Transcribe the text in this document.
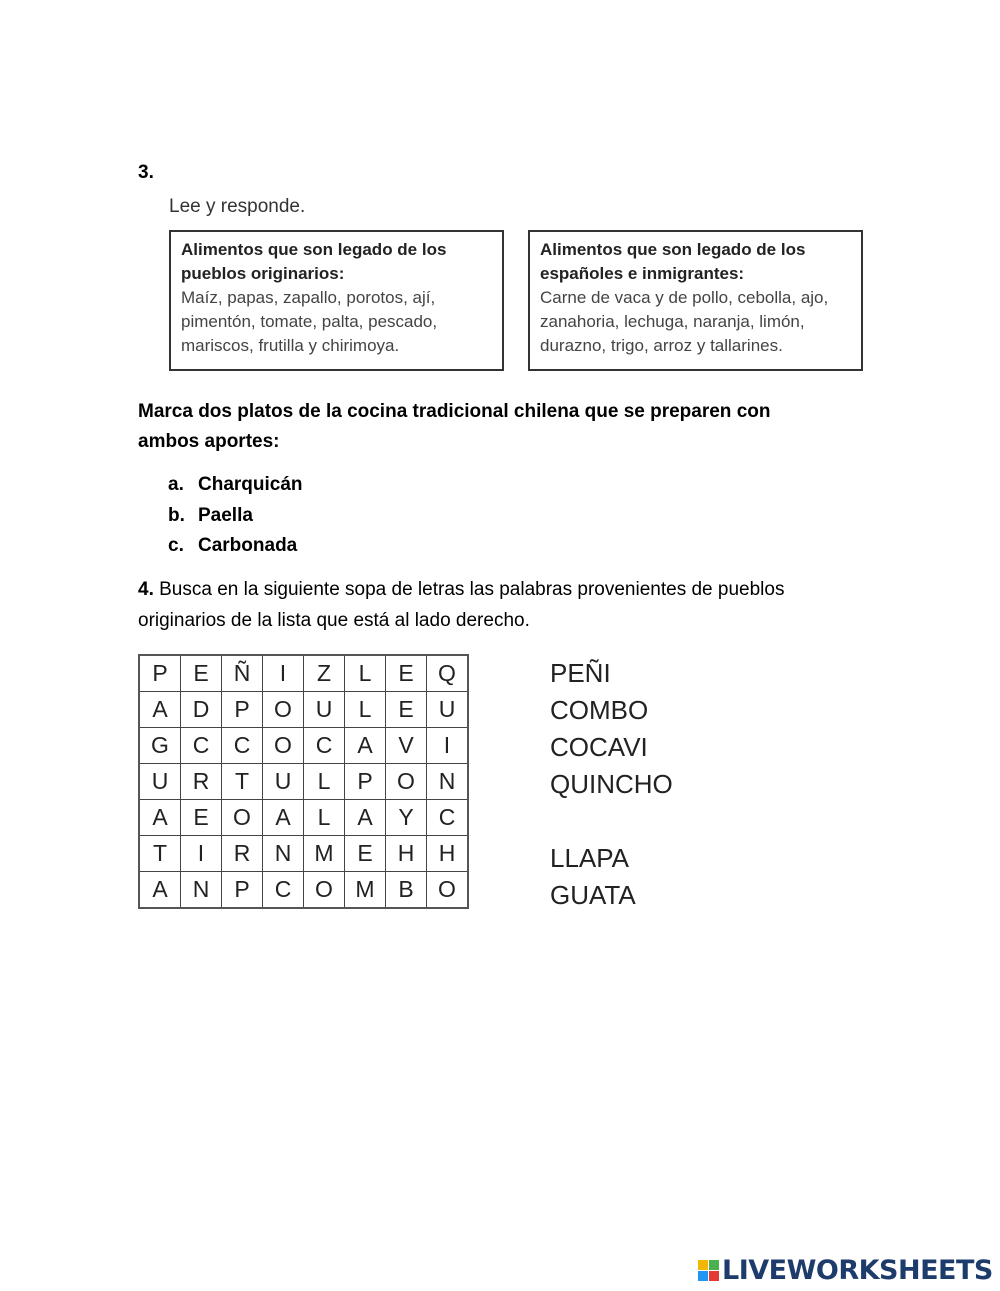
3.
Lee y responde.
Alimentos que son legado de los
pueblos originarios:
Maíz, papas, zapallo, porotos, ají,
pimentón, tomate, palta, pescado,
mariscos, frutilla y chirimoya.
Alimentos que son legado de los
españoles e inmigrantes:
Carne de vaca y de pollo, cebolla, ajo,
zanahoria, lechuga, naranja, limón,
durazno, trigo, arroz y tallarines.
Marca dos platos de la cocina tradicional chilena que se preparen con
ambos aportes:
a. Charquicán
b. Paella
c. Carbonada
4. Busca en la siguiente sopa de letras las palabras provenientes de pueblos
originarios de la lista que está al lado derecho.
P	E	Ñ	I	Z	L	E	Q
A	D	P	O	U	L	E	U
G	C	C	O	C	A	V	I
U	R	T	U	L	P	O	N
A	E	O	A	L	A	Y	C
T	I	R	N	M	E	H	H
A	N	P	C	O	M	B	O
PEÑI
COMBO
COCAVI
QUINCHO
LLAPA
GUATA
LIVEWORKSHEETS
